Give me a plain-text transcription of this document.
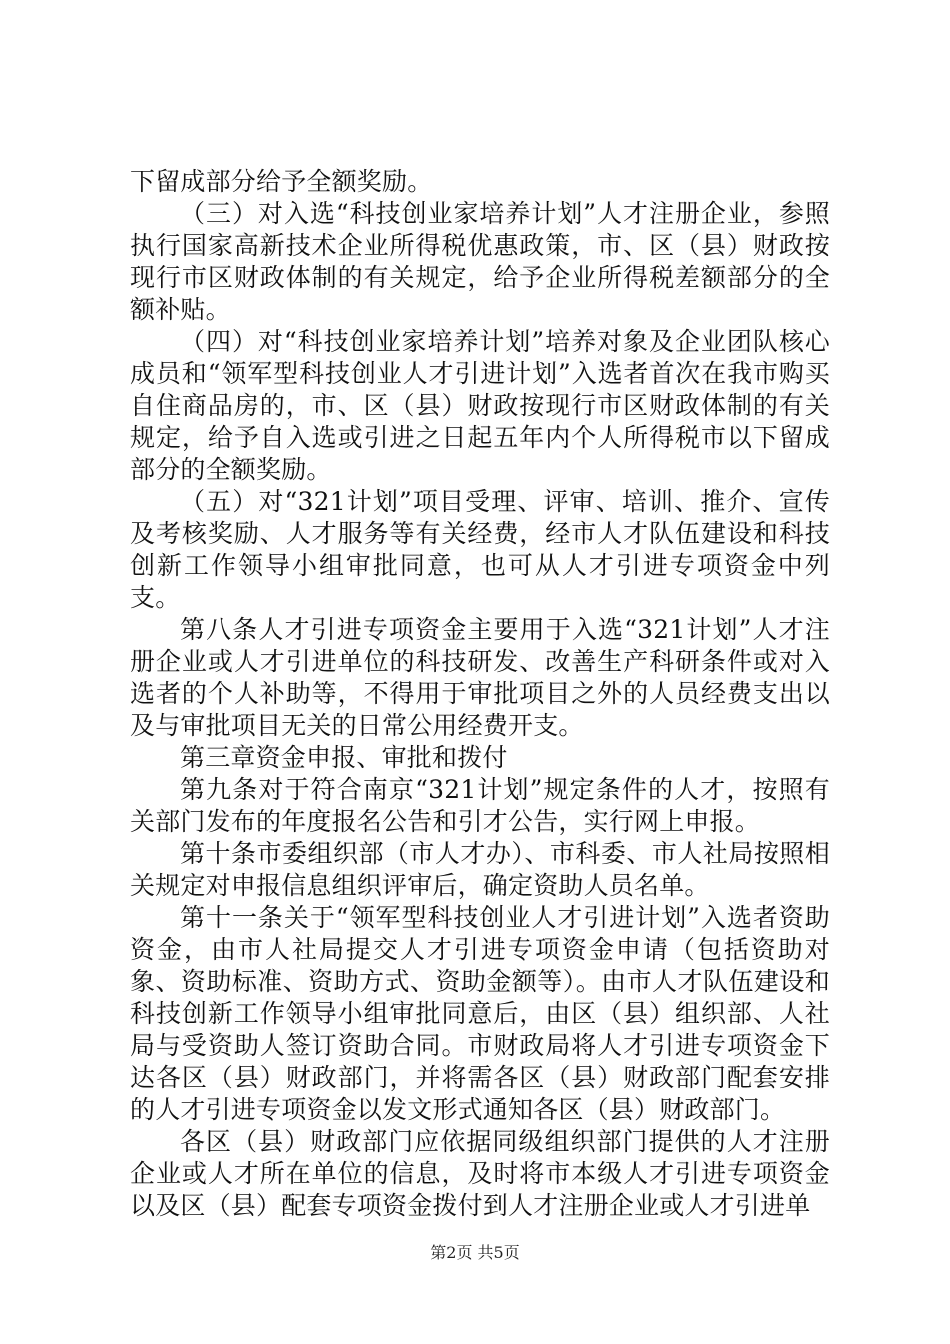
下留成部分给予全额奖励。

（三）对入选“科技创业家培养计划”人才注册企业，参照执行国家高新技术企业所得税优惠政策，市、区（县）财政按现行市区财政体制的有关规定，给予企业所得税差额部分的全额补贴。

（四）对“科技创业家培养计划”培养对象及企业团队核心成员和“领军型科技创业人才引进计划”入选者首次在我市购买自住商品房的，市、区（县）财政按现行市区财政体制的有关规定，给予自入选或引进之日起五年内个人所得税市以下留成部分的全额奖励。

（五）对“321计划”项目受理、评审、培训、推介、宣传及考核奖励、人才服务等有关经费，经市人才队伍建设和科技创新工作领导小组审批同意，也可从人才引进专项资金中列支。

第八条人才引进专项资金主要用于入选“321计划”人才注册企业或人才引进单位的科技研发、改善生产科研条件或对入选者的个人补助等，不得用于审批项目之外的人员经费支出以及与审批项目无关的日常公用经费开支。

第三章资金申报、审批和拨付

第九条对于符合南京“321计划”规定条件的人才，按照有关部门发布的年度报名公告和引才公告，实行网上申报。

第十条市委组织部（市人才办）、市科委、市人社局按照相关规定对申报信息组织评审后，确定资助人员名单。

第十一条关于“领军型科技创业人才引进计划”入选者资助资金，由市人社局提交人才引进专项资金申请（包括资助对象、资助标准、资助方式、资助金额等）。由市人才队伍建设和科技创新工作领导小组审批同意后，由区（县）组织部、人社局与受资助人签订资助合同。市财政局将人才引进专项资金下达各区（县）财政部门，并将需各区（县）财政部门配套安排的人才引进专项资金以发文形式通知各区（县）财政部门。

各区（县）财政部门应依据同级组织部门提供的人才注册企业或人才所在单位的信息，及时将市本级人才引进专项资金以及区（县）配套专项资金拨付到人才注册企业或人才引进单

第2页 共5页
